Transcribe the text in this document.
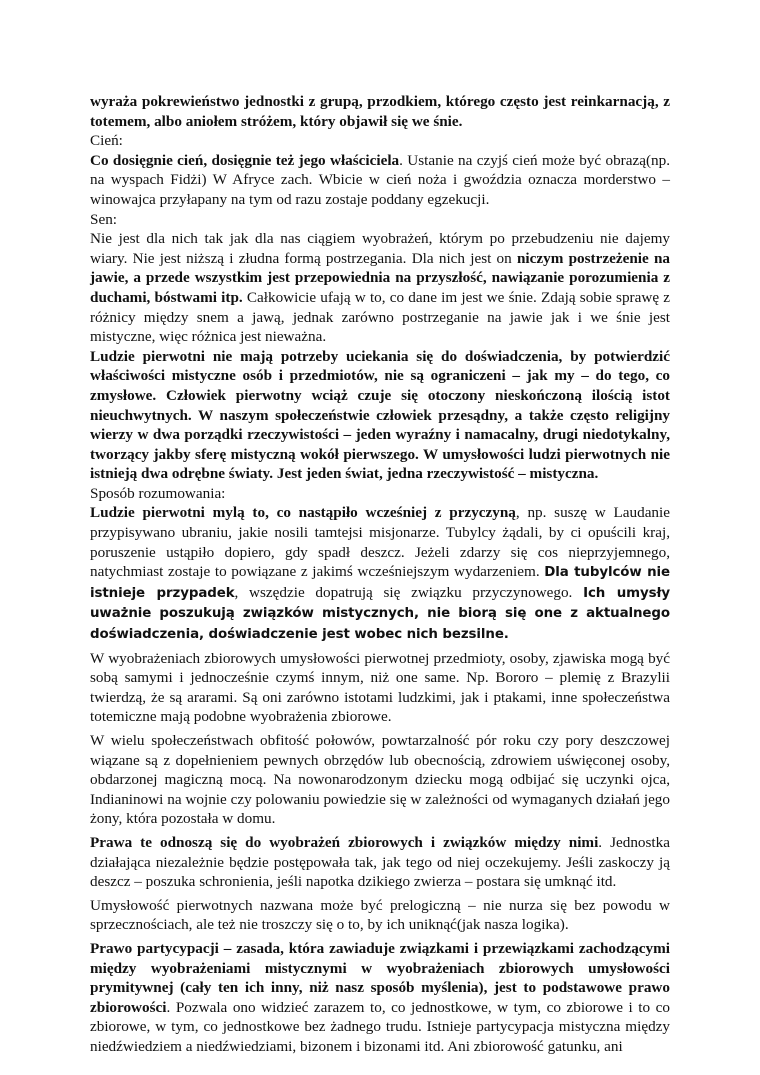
wyraża pokrewieństwo jednostki z grupą, przodkiem, którego często jest reinkarnacją, z totemem, albo aniołem stróżem, który objawił się we śnie.

Cień:

Co dosięgnie cień, dosięgnie też jego właściciela. Ustanie na czyjś cień może być obrazą(np. na wyspach Fidżi) W Afryce zach. Wbicie w cień noża i gwoździa oznacza morderstwo – winowajca przyłapany na tym od razu zostaje poddany egzekucji.

Sen:

Nie jest dla nich tak jak dla nas ciągiem wyobrażeń, którym po przebudzeniu nie dajemy wiary. Nie jest niższą i złudna formą postrzegania. Dla nich jest on niczym postrzeżenie na jawie, a przede wszystkim jest przepowiednia na przyszłość, nawiązanie porozumienia z duchami, bóstwami itp. Całkowicie ufają w to, co dane im jest we śnie. Zdają sobie sprawę z różnicy między snem a jawą, jednak zarówno postrzeganie na jawie jak i we śnie jest mistyczne, więc różnica jest nieważna.

Ludzie pierwotni nie mają potrzeby uciekania się do doświadczenia, by potwierdzić właściwości mistyczne osób i przedmiotów, nie są ograniczeni – jak my – do tego, co zmysłowe. Człowiek pierwotny wciąż czuje się otoczony nieskończoną ilością istot nieuchwytnych. W naszym społeczeństwie człowiek przesądny, a także często religijny wierzy w dwa porządki rzeczywistości – jeden wyraźny i namacalny, drugi niedotykalny, tworzący jakby sferę mistyczną wokół pierwszego. W umysłowości ludzi pierwotnych nie istnieją dwa odrębne światy. Jest jeden świat, jedna rzeczywistość – mistyczna.

Sposób rozumowania:

Ludzie pierwotni mylą to, co nastąpiło wcześniej z przyczyną, np. suszę w Laudanie przypisywano ubraniu, jakie nosili tamtejsi misjonarze. Tubylcy żądali, by ci opuścili kraj, poruszenie ustąpiło dopiero, gdy spadł deszcz. Jeżeli zdarzy się cos nieprzyjemnego, natychmiast zostaje to powiązane z jakimś wcześniejszym wydarzeniem. Dla tubylców nie istnieje przypadek, wszędzie dopatrują się związku przyczynowego. Ich umysły uważnie poszukują związków mistycznych, nie biorą się one z aktualnego doświadczenia, doświadczenie jest wobec nich bezsilne.

W wyobrażeniach zbiorowych umysłowości pierwotnej przedmioty, osoby, zjawiska mogą być sobą samymi i jednocześnie czymś innym, niż one same. Np. Bororo – plemię z Brazylii twierdzą, że są ararami. Są oni zarówno istotami ludzkimi, jak i ptakami, inne społeczeństwa totemiczne mają podobne wyobrażenia zbiorowe.

W wielu społeczeństwach obfitość połowów, powtarzalność pór roku czy pory deszczowej wiązane są z dopełnieniem pewnych obrzędów lub obecnością, zdrowiem uświęconej osoby, obdarzonej magiczną mocą. Na nowonarodzonym dziecku mogą odbijać się uczynki ojca, Indianinowi na wojnie czy polowaniu powiedzie się w zależności od wymaganych działań jego żony, która pozostała w domu.

Prawa te odnoszą się do wyobrażeń zbiorowych i związków między nimi. Jednostka działająca niezależnie będzie postępowała tak, jak tego od niej oczekujemy. Jeśli zaskoczy ją deszcz – poszuka schronienia, jeśli napotka dzikiego zwierza – postara się umknąć itd.

Umysłowość pierwotnych nazwana może być prelogiczną – nie nurza się bez powodu w sprzecznościach, ale też nie troszczy się o to, by ich uniknąć(jak nasza logika).

Prawo partycypacji – zasada, która zawiaduje związkami i przewiązkami zachodzącymi między wyobrażeniami mistycznymi w wyobrażeniach zbiorowych umysłowości prymitywnej (cały ten ich inny, niż nasz sposób myślenia), jest to podstawowe prawo zbiorowości. Pozwala ono widzieć zarazem to, co jednostkowe, w tym, co zbiorowe i to co zbiorowe, w tym, co jednostkowe bez żadnego trudu. Istnieje partycypacja mistyczna między niedźwiedziem a niedźwiedziami, bizonem i bizonami itd. Ani zbiorowość gatunku, ani
